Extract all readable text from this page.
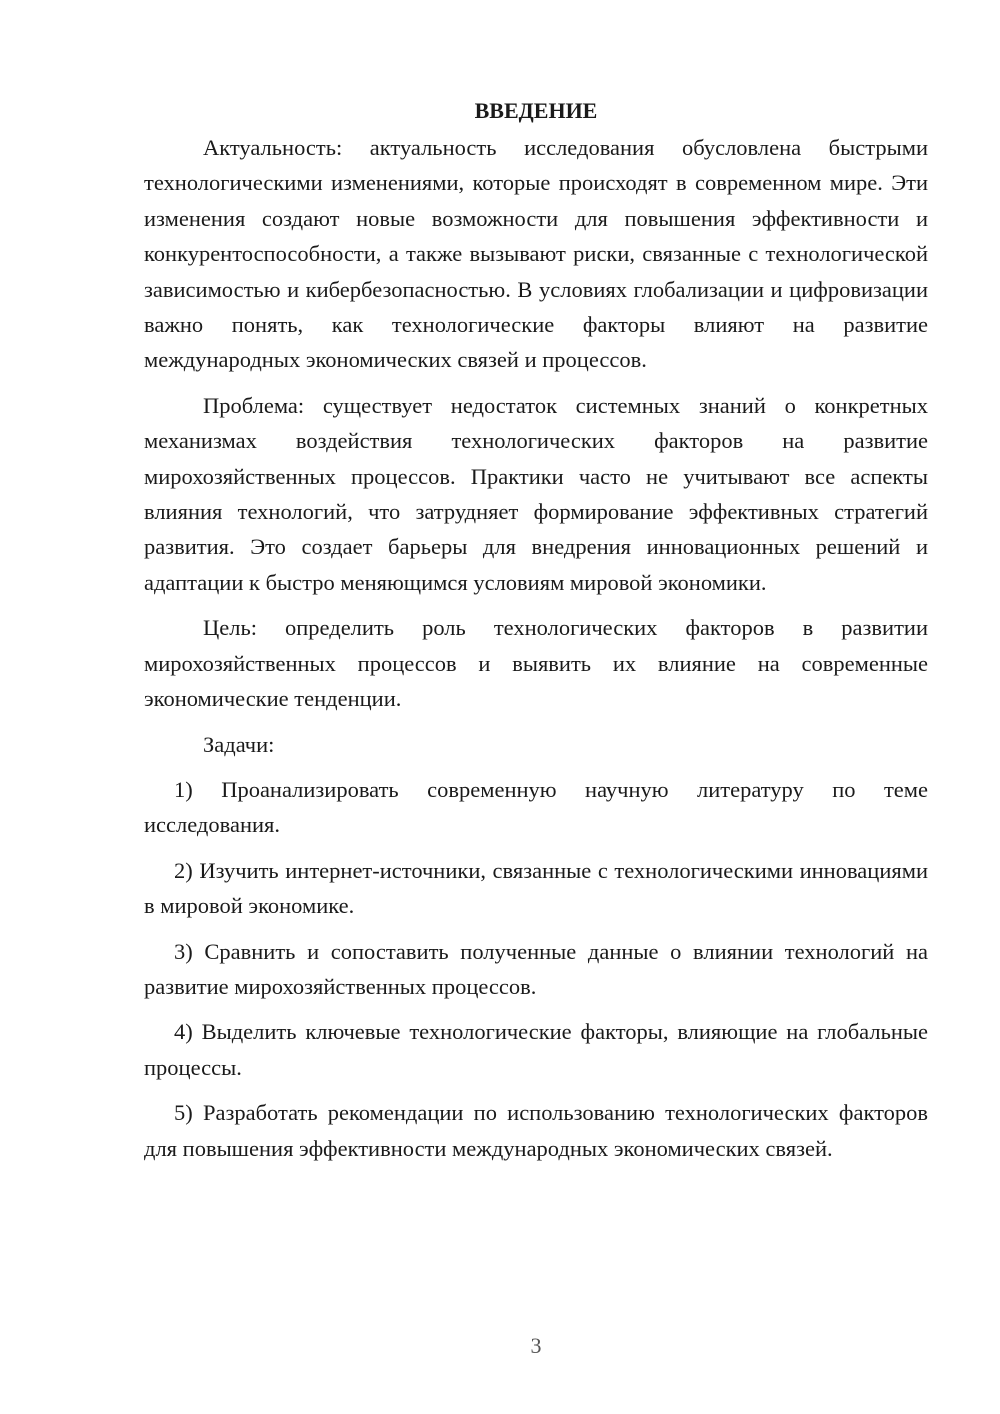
ВВЕДЕНИЕ

Актуальность: актуальность исследования обусловлена быстрыми технологическими изменениями, которые происходят в современном мире. Эти изменения создают новые возможности для повышения эффективности и конкурентоспособности, а также вызывают риски, связанные с технологической зависимостью и кибербезопасностью. В условиях глобализации и цифровизации важно понять, как технологические факторы влияют на развитие международных экономических связей и процессов.

Проблема: существует недостаток системных знаний о конкретных механизмах воздействия технологических факторов на развитие мирохозяйственных процессов. Практики часто не учитывают все аспекты влияния технологий, что затрудняет формирование эффективных стратегий развития. Это создает барьеры для внедрения инновационных решений и адаптации к быстро меняющимся условиям мировой экономики.

Цель: определить роль технологических факторов в развитии мирохозяйственных процессов и выявить их влияние на современные экономические тенденции.

Задачи:

1) Проанализировать современную научную литературу по теме исследования.

2) Изучить интернет-источники, связанные с технологическими инновациями в мировой экономике.

3) Сравнить и сопоставить полученные данные о влиянии технологий на развитие мирохозяйственных процессов.

4) Выделить ключевые технологические факторы, влияющие на глобальные процессы.

5) Разработать рекомендации по использованию технологических факторов для повышения эффективности международных экономических связей.

3
